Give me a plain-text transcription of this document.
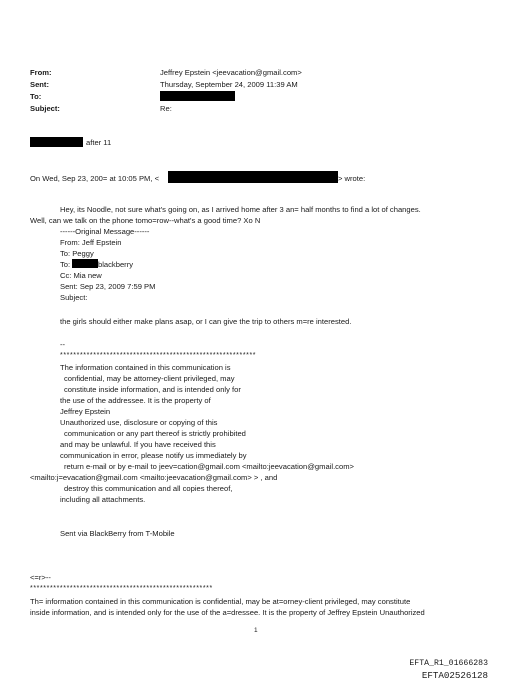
From:	Jeffrey Epstein <jeevacation@gmail.com>
Sent:	Thursday, September 24, 2009 11:39 AM
To:
Subject:	Re:
after 11
On Wed, Sep 23, 200= at 10:05 PM, <	> wrote:
Hey, its Noodle, not sure what's going on, as I arrived home after 3 an= half months to find a lot of changes.
Well, can we talk on the phone tomo=row--what's a good time? Xo N
------Original Message------
From: Jeff Epstein
To: Peggy
To:	blackberry
Cc: Mia new
Sent: Sep 23, 2009 7:59 PM
Subject:
the girls should either make plans asap, or I can give the trip to others m=re interested.
--
***********************************************************
The information contained in this communication is
confidential, may be attorney-client privileged, may
constitute inside information, and is intended only for
the use of the addressee. It is the property of
Jeffrey Epstein
Unauthorized use, disclosure or copying of this
communication or any part thereof is strictly prohibited
and may be unlawful. If you have received this
communication in error, please notify us immediately by
return e-mail or by e-mail to jeev=cation@gmail.com <mailto:jeevacation@gmail.com>
<mailto:j=evacation@gmail.com <mailto:jeevacation@gmail.com> > , and
destroy this communication and all copies thereof,
including all attachments.
Sent via BlackBerry from T-Mobile
<=r>--
*******************************************************
Th= information contained in this communication is confidential, may be at=orney-client privileged, may constitute
inside information, and is intended only for the use of the a=dressee. It is the property of Jeffrey Epstein Unauthorized
1
EFTA_R1_01666283
EFTA02526128
